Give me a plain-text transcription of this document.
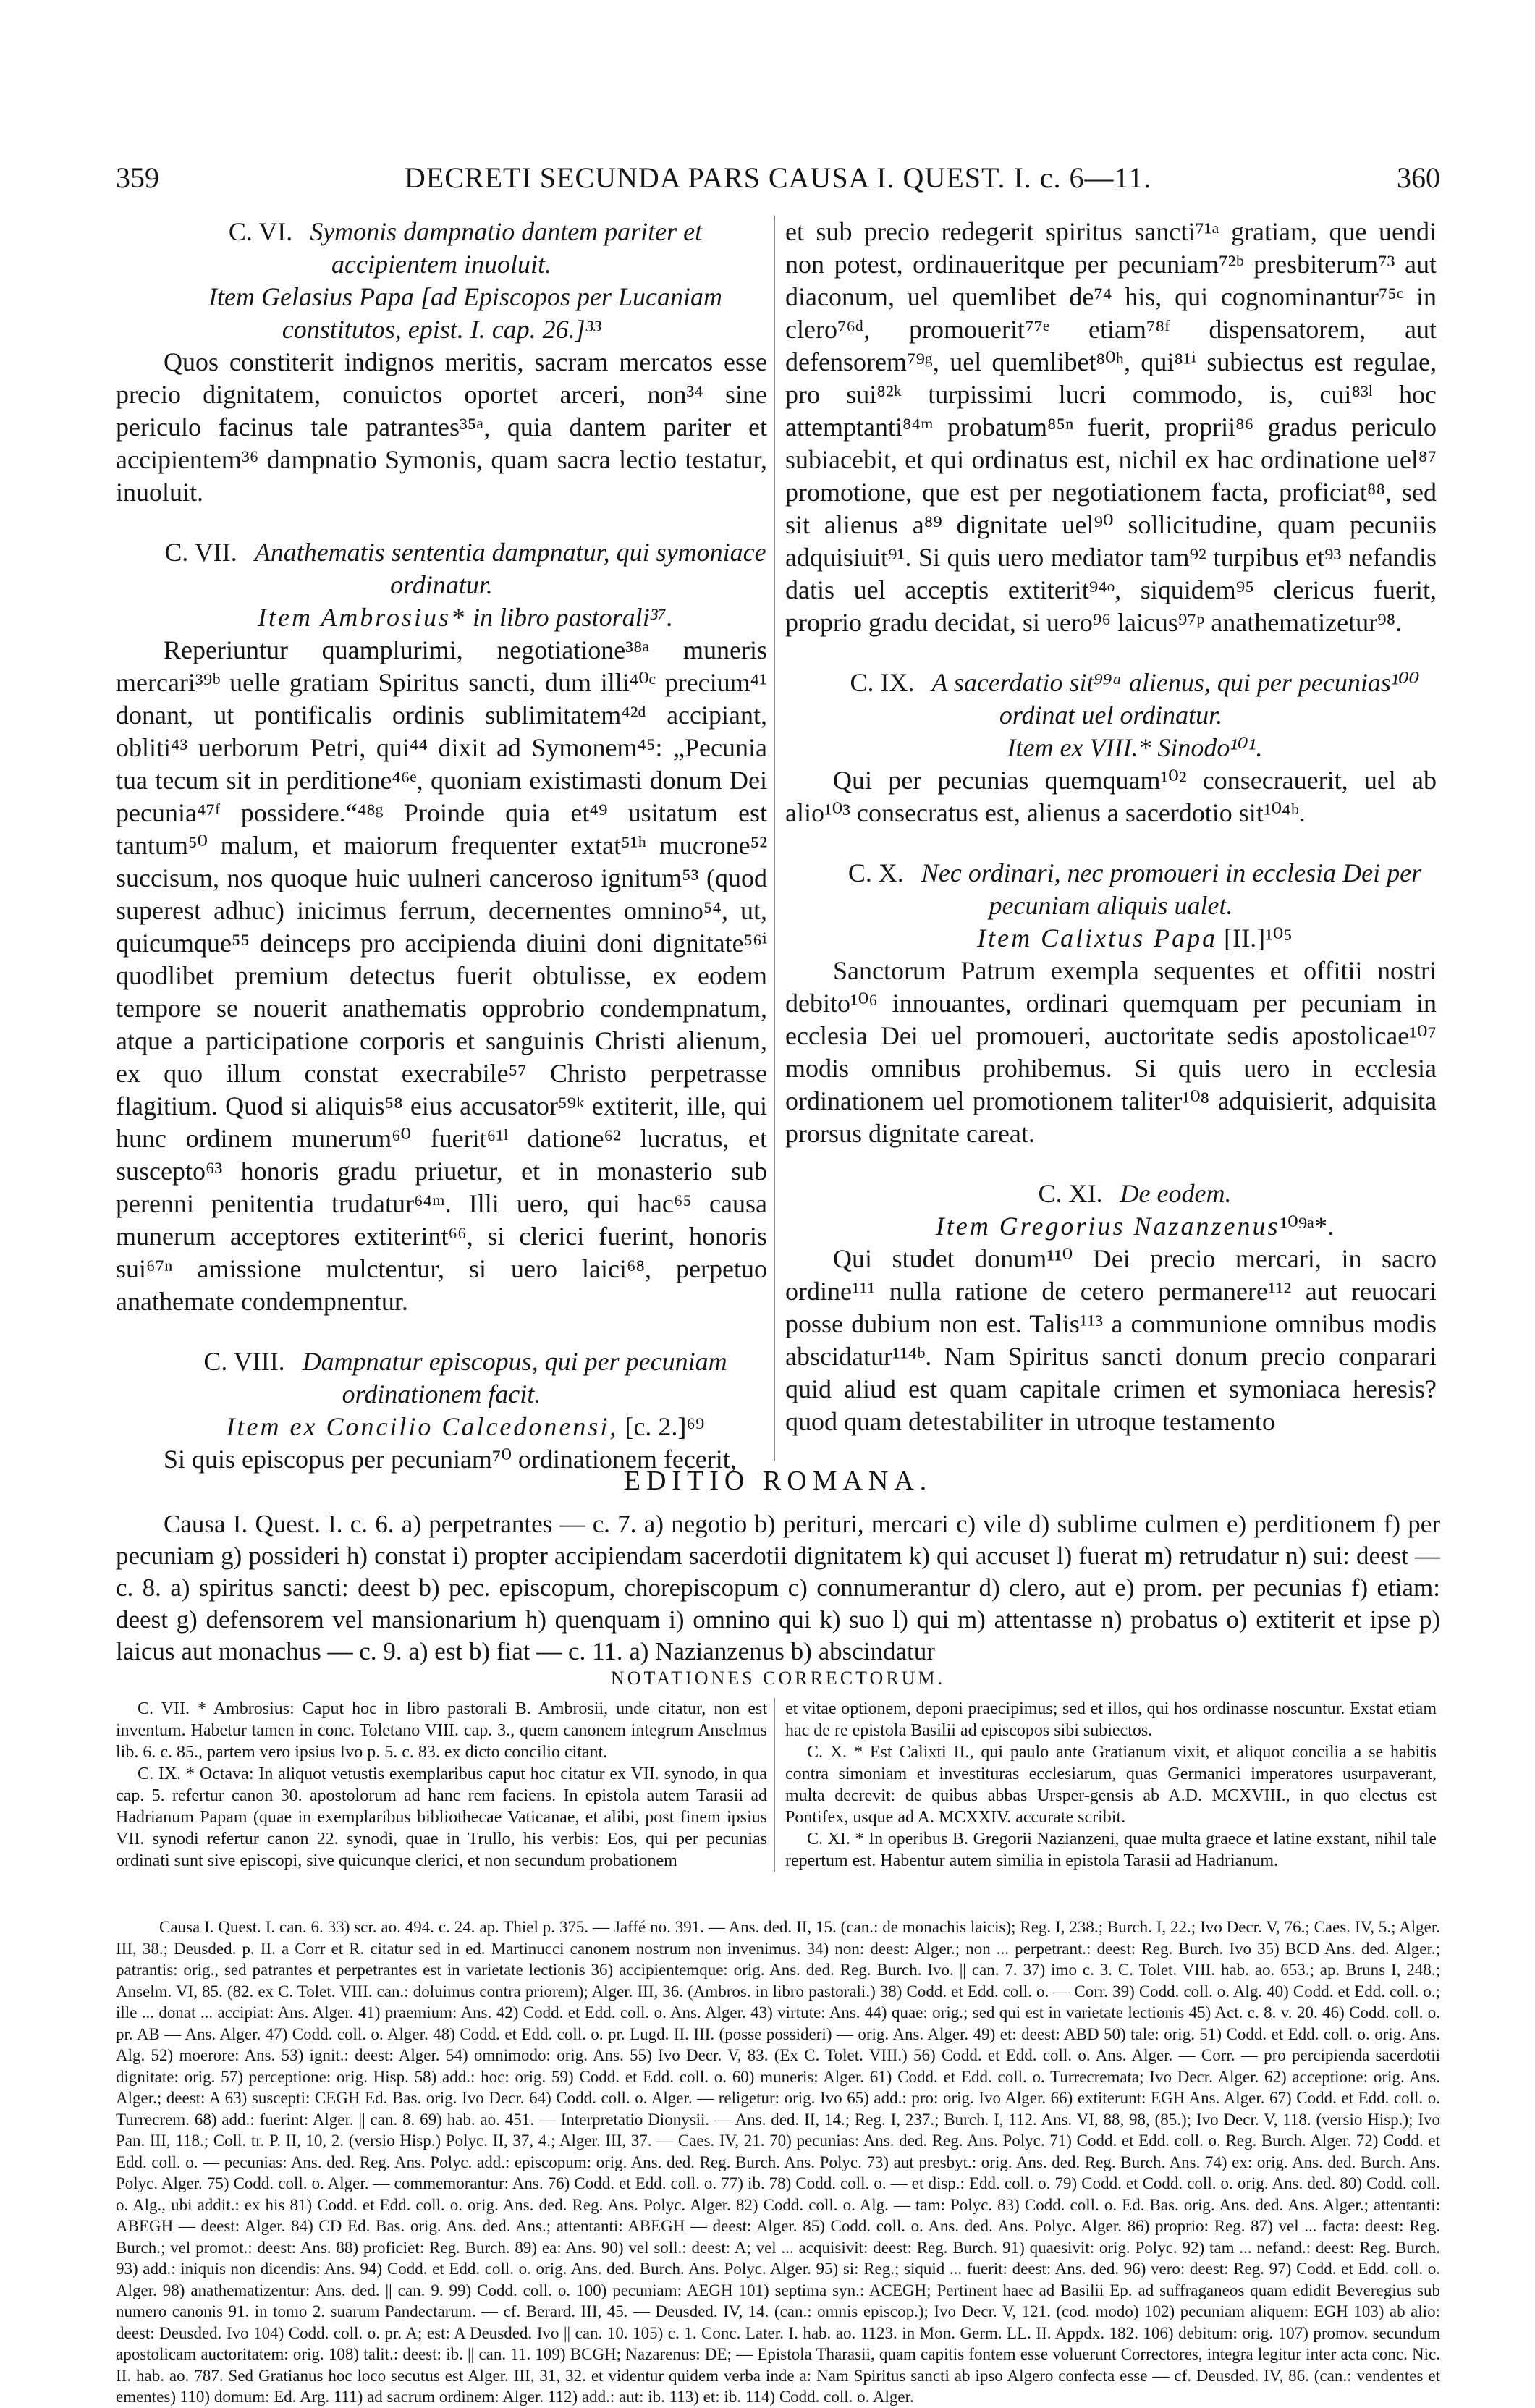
359	DECRETI SECUNDA PARS CAUSA I. QUEST. I. c. 6—11.	360

C. VI. Symonis dampnatio dantem pariter et accipientem inuoluit.

Item Gelasius Papa [ad Episcopos per Lucaniam constitutos, epist. I. cap. 26.]³³

Quos constiterit indignos meritis, sacram mercatos esse precio dignitatem, conuictos oportet arceri, non³⁴ sine periculo facinus tale patrantes³⁵ᵃ, quia dantem pariter et accipientem³⁶ dampnatio Symonis, quam sacra lectio testatur, inuoluit.

C. VII. Anathematis sententia dampnatur, qui symoniace ordinatur.

Item Ambrosius* in libro pastorali³⁷.

Reperiuntur quamplurimi, negotiatione³⁸ᵃ muneris mercari³⁹ᵇ uelle gratiam Spiritus sancti, dum illi⁴⁰ᶜ precium⁴¹ donant, ut pontificalis ordinis sublimitatem⁴²ᵈ accipiant, obliti⁴³ uerborum Petri, qui⁴⁴ dixit ad Symonem⁴⁵: „Pecunia tua tecum sit in perditione⁴⁶ᵉ, quoniam existimasti donum Dei pecunia⁴⁷ᶠ possidere.“⁴⁸ᵍ Proinde quia et⁴⁹ usitatum est tantum⁵⁰ malum, et maiorum frequenter extat⁵¹ʰ mucrone⁵² succisum, nos quoque huic uulneri canceroso ignitum⁵³ (quod superest adhuc) inicimus ferrum, decernentes omnino⁵⁴, ut, quicumque⁵⁵ deinceps pro accipienda diuini doni dignitate⁵⁶ⁱ quodlibet premium detectus fuerit obtulisse, ex eodem tempore se nouerit anathematis opprobrio condempnatum, atque a participatione corporis et sanguinis Christi alienum, ex quo illum constat execrabile⁵⁷ Christo perpetrasse flagitium. Quod si aliquis⁵⁸ eius accusator⁵⁹ᵏ extiterit, ille, qui hunc ordinem munerum⁶⁰ fuerit⁶¹ˡ datione⁶² lucratus, et suscepto⁶³ honoris gradu priuetur, et in monasterio sub perenni penitentia trudatur⁶⁴ᵐ. Illi uero, qui hac⁶⁵ causa munerum acceptores extiterint⁶⁶, si clerici fuerint, honoris sui⁶⁷ⁿ amissione mulctentur, si uero laici⁶⁸, perpetuo anathemate condempnentur.

C. VIII. Dampnatur episcopus, qui per pecuniam ordinationem facit.

Item ex Concilio Calcedonensi, [c. 2.]⁶⁹

Si quis episcopus per pecuniam⁷⁰ ordinationem fecerit,

et sub precio redegerit spiritus sancti⁷¹ᵃ gratiam, que uendi non potest, ordinaueritque per pecuniam⁷²ᵇ presbiterum⁷³ aut diaconum, uel quemlibet de⁷⁴ his, qui cognominantur⁷⁵ᶜ in clero⁷⁶ᵈ, promouerit⁷⁷ᵉ etiam⁷⁸ᶠ dispensatorem, aut defensorem⁷⁹ᵍ, uel quemlibet⁸⁰ʰ, qui⁸¹ⁱ subiectus est regulae, pro sui⁸²ᵏ turpissimi lucri commodo, is, cui⁸³ˡ hoc attemptanti⁸⁴ᵐ probatum⁸⁵ⁿ fuerit, proprii⁸⁶ gradus periculo subiacebit, et qui ordinatus est, nichil ex hac ordinatione uel⁸⁷ promotione, que est per negotiationem facta, proficiat⁸⁸, sed sit alienus a⁸⁹ dignitate uel⁹⁰ sollicitudine, quam pecuniis adquisiuit⁹¹. Si quis uero mediator tam⁹² turpibus et⁹³ nefandis datis uel acceptis extiterit⁹⁴ᵒ, siquidem⁹⁵ clericus fuerit, proprio gradu decidat, si uero⁹⁶ laicus⁹⁷ᵖ anathematizetur⁹⁸.

C. IX. A sacerdatio sit⁹⁹ᵃ alienus, qui per pecunias¹⁰⁰ ordinat uel ordinatur.

Item ex VIII.* Sinodo¹⁰¹.

Qui per pecunias quemquam¹⁰² consecrauerit, uel ab alio¹⁰³ consecratus est, alienus a sacerdotio sit¹⁰⁴ᵇ.

C. X. Nec ordinari, nec promoueri in ecclesia Dei per pecuniam aliquis ualet.

Item Calixtus Papa [II.]¹⁰⁵

Sanctorum Patrum exempla sequentes et offitii nostri debito¹⁰⁶ innouantes, ordinari quemquam per pecuniam in ecclesia Dei uel promoueri, auctoritate sedis apostolicae¹⁰⁷ modis omnibus prohibemus. Si quis uero in ecclesia ordinationem uel promotionem taliter¹⁰⁸ adquisierit, adquisita prorsus dignitate careat.

C. XI. De eodem.

Item Gregorius Nazanzenus¹⁰⁹ᵃ*.

Qui studet donum¹¹⁰ Dei precio mercari, in sacro ordine¹¹¹ nulla ratione de cetero permanere¹¹² aut reuocari posse dubium non est. Talis¹¹³ a communione omnibus modis abscidatur¹¹⁴ᵇ. Nam Spiritus sancti donum precio conparari quid aliud est quam capitale crimen et symoniaca heresis? quod quam detestabiliter in utroque testamento

EDITIO ROMANA.

Causa I. Quest. I. c. 6. a) perpetrantes — c. 7. a) negotio b) perituri, mercari c) vile d) sublime culmen e) perditionem f) per pecuniam g) possideri h) constat i) propter accipiendam sacerdotii dignitatem k) qui accuset l) fuerat m) retrudatur n) sui: deest — c. 8. a) spiritus sancti: deest b) pec. episcopum, chorepiscopum c) connumerantur d) clero, aut e) prom. per pecunias f) etiam: deest g) defensorem vel mansionarium h) quenquam i) omnino qui k) suo l) qui m) attentasse n) probatus o) extiterit et ipse p) laicus aut monachus — c. 9. a) est b) fiat — c. 11. a) Nazianzenus b) abscindatur

NOTATIONES CORRECTORUM.

C. VII. * Ambrosius: Caput hoc in libro pastorali B. Ambrosii, unde citatur, non est inventum. Habetur tamen in conc. Toletano VIII. cap. 3., quem canonem integrum Anselmus lib. 6. c. 85., partem vero ipsius Ivo p. 5. c. 83. ex dicto concilio citant.

C. IX. * Octava: In aliquot vetustis exemplaribus caput hoc citatur ex VII. synodo, in qua cap. 5. refertur canon 30. apostolorum ad hanc rem faciens. In epistola autem Tarasii ad Hadrianum Papam (quae in exemplaribus bibliothecae Vaticanae, et alibi, post finem ipsius VII. synodi refertur canon 22. synodi, quae in Trullo, his verbis: Eos, qui per pecunias ordinati sunt sive episcopi, sive quicunque clerici, et non secundum probationem

et vitae optionem, deponi praecipimus; sed et illos, qui hos ordinasse noscuntur. Exstat etiam hac de re epistola Basilii ad episcopos sibi subiectos.

C. X. * Est Calixti II., qui paulo ante Gratianum vixit, et aliquot concilia a se habitis contra simoniam et investituras ecclesiarum, quas Germanici imperatores usurpaverant, multa decrevit: de quibus abbas Ursper-gensis ab A.D. MCXVIII., in quo electus est Pontifex, usque ad A. MCXXIV. accurate scribit.

C. XI. * In operibus B. Gregorii Nazianzeni, quae multa graece et latine exstant, nihil tale repertum est. Habentur autem similia in epistola Tarasii ad Hadrianum.

Causa I. Quest. I. can. 6. 33) scr. ao. 494. c. 24. ap. Thiel p. 375. — Jaffé no. 391. — Ans. ded. II, 15. (can.: de monachis laicis); Reg. I, 238.; Burch. I, 22.; Ivo Decr. V, 76.; Caes. IV, 5.; Alger. III, 38.; Deusded. p. II. a Corr et R. citatur sed in ed. Martinucci canonem nostrum non invenimus. 34) non: deest: Alger.; non ... perpetrant.: deest: Reg. Burch. Ivo 35) BCD Ans. ded. Alger.; patrantis: orig., sed patrantes et perpetrantes est in varietate lectionis 36) accipientemque: orig. Ans. ded. Reg. Burch. Ivo. || can. 7. 37) imo c. 3. C. Tolet. VIII. hab. ao. 653.; ap. Bruns I, 248.; Anselm. VI, 85. (82. ex C. Tolet. VIII. can.: doluimus contra priorem); Alger. III, 36. (Ambros. in libro pastorali.) 38) Codd. et Edd. coll. o. — Corr. 39) Codd. coll. o. Alg. 40) Codd. et Edd. coll. o.; ille ... donat ... accipiat: Ans. Alger. 41) praemium: Ans. 42) Codd. et Edd. coll. o. Ans. Alger. 43) virtute: Ans. 44) quae: orig.; sed qui est in varietate lectionis 45) Act. c. 8. v. 20. 46) Codd. coll. o. pr. AB — Ans. Alger. 47) Codd. coll. o. Alger. 48) Codd. et Edd. coll. o. pr. Lugd. II. III. (posse possideri) — orig. Ans. Alger. 49) et: deest: ABD 50) tale: orig. 51) Codd. et Edd. coll. o. orig. Ans. Alg. 52) moerore: Ans. 53) ignit.: deest: Alger. 54) omnimodo: orig. Ans. 55) Ivo Decr. V, 83. (Ex C. Tolet. VIII.) 56) Codd. et Edd. coll. o. Ans. Alger. — Corr. — pro percipienda sacerdotii dignitate: orig. 57) perceptione: orig. Hisp. 58) add.: hoc: orig. 59) Codd. et Edd. coll. o. 60) muneris: Alger. 61) Codd. et Edd. coll. o. Turrecremata; Ivo Decr. Alger. 62) acceptione: orig. Ans. Alger.; deest: A 63) suscepti: CEGH Ed. Bas. orig. Ivo Decr. 64) Codd. coll. o. Alger. — religetur: orig. Ivo 65) add.: pro: orig. Ivo Alger. 66) extiterunt: EGH Ans. Alger. 67) Codd. et Edd. coll. o. Turrecrem. 68) add.: fuerint: Alger. || can. 8. 69) hab. ao. 451. — Interpretatio Dionysii. — Ans. ded. II, 14.; Reg. I, 237.; Burch. I, 112. Ans. VI, 88, 98, (85.); Ivo Decr. V, 118. (versio Hisp.); Ivo Pan. III, 118.; Coll. tr. P. II, 10, 2. (versio Hisp.) Polyc. II, 37, 4.; Alger. III, 37. — Caes. IV, 21. 70) pecunias: Ans. ded. Reg. Ans. Polyc. 71) Codd. et Edd. coll. o. Reg. Burch. Alger. 72) Codd. et Edd. coll. o. — pecunias: Ans. ded. Reg. Ans. Polyc. add.: episcopum: orig. Ans. ded. Reg. Burch. Ans. Polyc. 73) aut presbyt.: orig. Ans. ded. Reg. Burch. Ans. 74) ex: orig. Ans. ded. Burch. Ans. Polyc. Alger. 75) Codd. coll. o. Alger. — commemorantur: Ans. 76) Codd. et Edd. coll. o. 77) ib. 78) Codd. coll. o. — et disp.: Edd. coll. o. 79) Codd. et Codd. coll. o. orig. Ans. ded. 80) Codd. coll. o. Alg., ubi addit.: ex his 81) Codd. et Edd. coll. o. orig. Ans. ded. Reg. Ans. Polyc. Alger. 82) Codd. coll. o. Alg. — tam: Polyc. 83) Codd. coll. o. Ed. Bas. orig. Ans. ded. Ans. Alger.; attentanti: ABEGH — deest: Alger. 84) CD Ed. Bas. orig. Ans. ded. Ans.; attentanti: ABEGH — deest: Alger. 85) Codd. coll. o. Ans. ded. Ans. Polyc. Alger. 86) proprio: Reg. 87) vel ... facta: deest: Reg. Burch.; vel promot.: deest: Ans. 88) proficiet: Reg. Burch. 89) ea: Ans. 90) vel soll.: deest: A; vel ... acquisivit: deest: Reg. Burch. 91) quaesivit: orig. Polyc. 92) tam ... nefand.: deest: Reg. Burch. 93) add.: iniquis non dicendis: Ans. 94) Codd. et Edd. coll. o. orig. Ans. ded. Burch. Ans. Polyc. Alger. 95) si: Reg.; siquid ... fuerit: deest: Ans. ded. 96) vero: deest: Reg. 97) Codd. et Edd. coll. o. Alger. 98) anathematizentur: Ans. ded. || can. 9. 99) Codd. coll. o. 100) pecuniam: AEGH 101) septima syn.: ACEGH; Pertinent haec ad Basilii Ep. ad suffraganeos quam edidit Beveregius sub numero canonis 91. in tomo 2. suarum Pandectarum. — cf. Berard. III, 45. — Deusded. IV, 14. (can.: omnis episcop.); Ivo Decr. V, 121. (cod. modo) 102) pecuniam aliquem: EGH 103) ab alio: deest: Deusded. Ivo 104) Codd. coll. o. pr. A; est: A Deusded. Ivo || can. 10. 105) c. 1. Conc. Later. I. hab. ao. 1123. in Mon. Germ. LL. II. Appdx. 182. 106) debitum: orig. 107) promov. secundum apostolicam auctoritatem: orig. 108) talit.: deest: ib. || can. 11. 109) BCGH; Nazarenus: DE; — Epistola Tharasii, quam capitis fontem esse voluerunt Correctores, integra legitur inter acta conc. Nic. II. hab. ao. 787. Sed Gratianus hoc loco secutus est Alger. III, 31, 32. et videntur quidem verba inde a: Nam Spiritus sancti ab ipso Algero confecta esse — cf. Deusded. IV, 86. (can.: vendentes et ementes) 110) domum: Ed. Arg. 111) ad sacrum ordinem: Alger. 112) add.: aut: ib. 113) et: ib. 114) Codd. coll. o. Alger.
